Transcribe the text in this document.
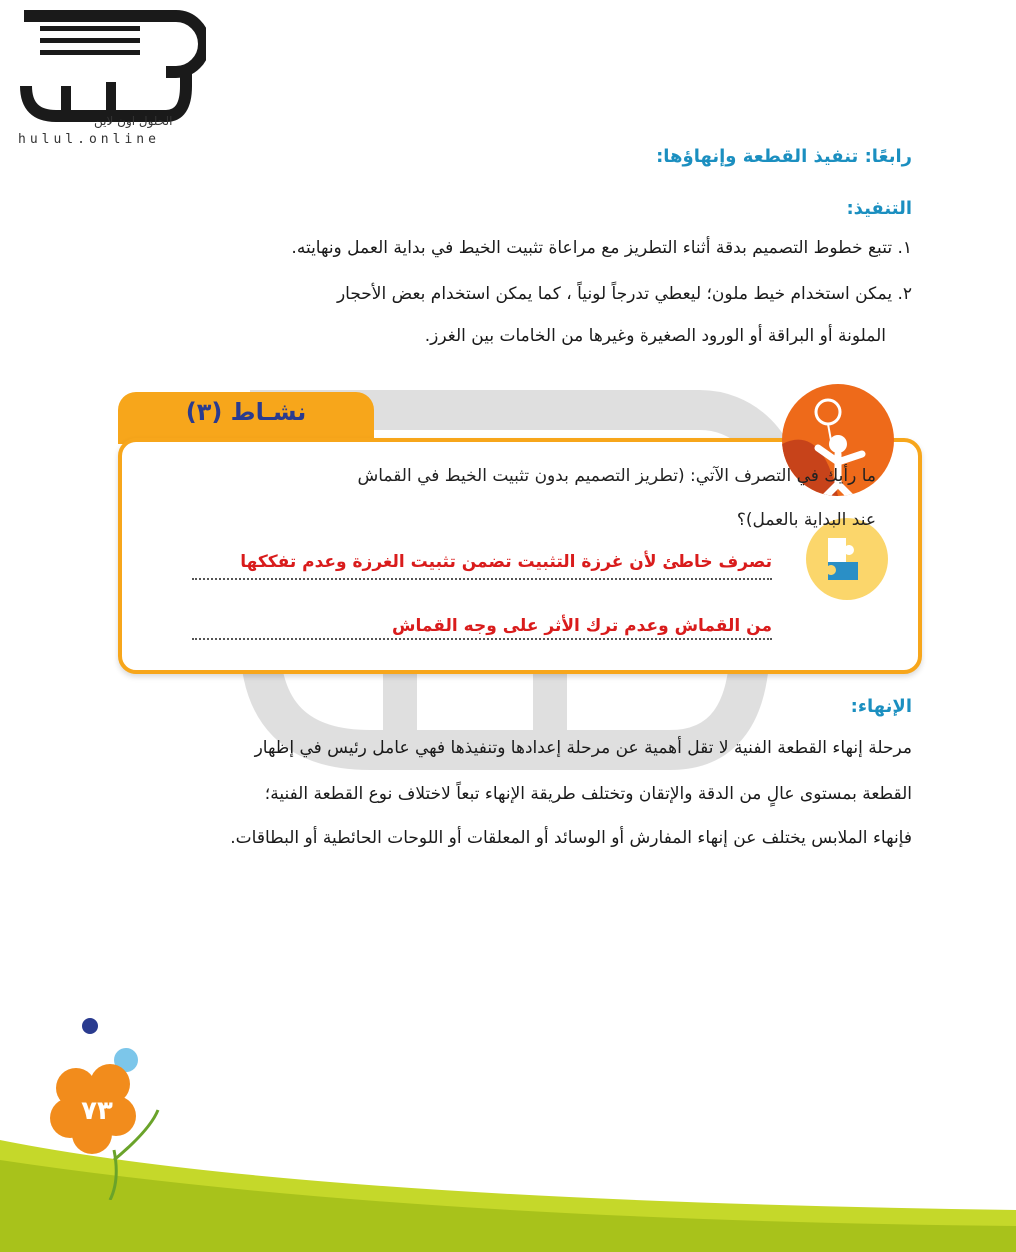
الحلول اون لاين
hulul.online
رابعًا: تنفيذ القطعة وإنهاؤها:
التنفيذ:
١. تتبع خطوط التصميم بدقة أثناء التطريز مع مراعاة تثبيت الخيط في بداية العمل ونهايته.
٢. يمكن استخدام خيط ملون؛ ليعطي تدرجاً لونياً ، كما يمكن استخدام بعض الأحجار
الملونة أو البراقة أو الورود الصغيرة وغيرها من الخامات بين الغرز.
نشـاط (٣)
ما رأيك في التصرف الآتي: (تطريز التصميم بدون تثبيت الخيط في القماش
عند البداية بالعمل)؟
تصرف خاطئ لأن غرزة التثبيت تضمن تثبيت الغرزة وعدم تفككها
من القماش وعدم ترك الأثر على وجه القماش
الإنهاء:
مرحلة إنهاء القطعة الفنية لا تقل أهمية عن مرحلة إعدادها وتنفيذها فهي عامل رئيس في إظهار
القطعة بمستوى عالٍ من الدقة والإتقان وتختلف طريقة الإنهاء تبعاً لاختلاف نوع القطعة الفنية؛
فإنهاء الملابس يختلف عن إنهاء المفارش أو الوسائد أو المعلقات أو اللوحات الحائطية أو البطاقات.
٧٣
